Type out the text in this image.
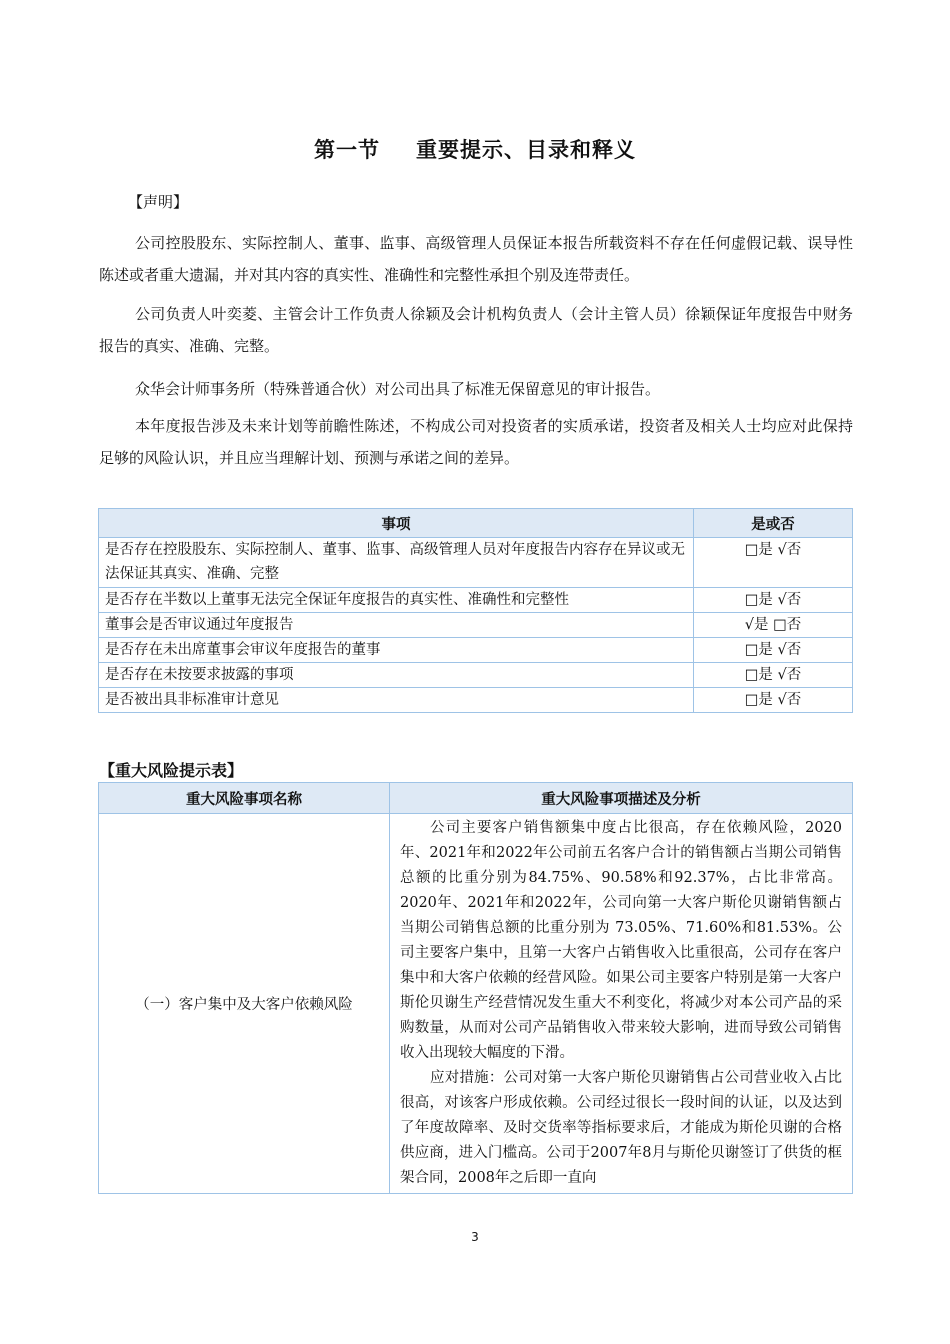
第一节 重要提示、目录和释义
【声明】
公司控股股东、实际控制人、董事、监事、高级管理人员保证本报告所载资料不存在任何虚假记载、误导性陈述或者重大遗漏，并对其内容的真实性、准确性和完整性承担个别及连带责任。
公司负责人叶奕菱、主管会计工作负责人徐颖及会计机构负责人（会计主管人员）徐颖保证年度报告中财务报告的真实、准确、完整。
众华会计师事务所（特殊普通合伙）对公司出具了标准无保留意见的审计报告。
本年度报告涉及未来计划等前瞻性陈述，不构成公司对投资者的实质承诺，投资者及相关人士均应对此保持足够的风险认识，并且应当理解计划、预测与承诺之间的差异。
事项	是或否
是否存在控股股东、实际控制人、董事、监事、高级管理人员对年度报告内容存在异议或无法保证其真实、准确、完整	□是 √否
是否存在半数以上董事无法完全保证年度报告的真实性、准确性和完整性	□是 √否
董事会是否审议通过年度报告	√是 □否
是否存在未出席董事会审议年度报告的董事	□是 √否
是否存在未按要求披露的事项	□是 √否
是否被出具非标准审计意见	□是 √否
【重大风险提示表】
重大风险事项名称	重大风险事项描述及分析
（一）客户集中及大客户依赖风险	公司主要客户销售额集中度占比很高，存在依赖风险，2020年、2021年和2022年公司前五名客户合计的销售额占当期公司销售总额的比重分别为84.75%、90.58%和92.37%，占比非常高。2020年、2021年和2022年，公司向第一大客户斯伦贝谢销售额占当期公司销售总额的比重分别为 73.05%、71.60%和81.53%。公司主要客户集中，且第一大客户占销售收入比重很高，公司存在客户集中和大客户依赖的经营风险。如果公司主要客户特别是第一大客户斯伦贝谢生产经营情况发生重大不利变化，将减少对本公司产品的采购数量，从而对公司产品销售收入带来较大影响，进而导致公司销售收入出现较大幅度的下滑。

应对措施：公司对第一大客户斯伦贝谢销售占公司营业收入占比很高，对该客户形成依赖。公司经过很长一段时间的认证，以及达到了年度故障率、及时交货率等指标要求后，才能成为斯伦贝谢的合格供应商，进入门槛高。公司于2007年8月与斯伦贝谢签订了供货的框架合同，2008年之后即一直向

3
